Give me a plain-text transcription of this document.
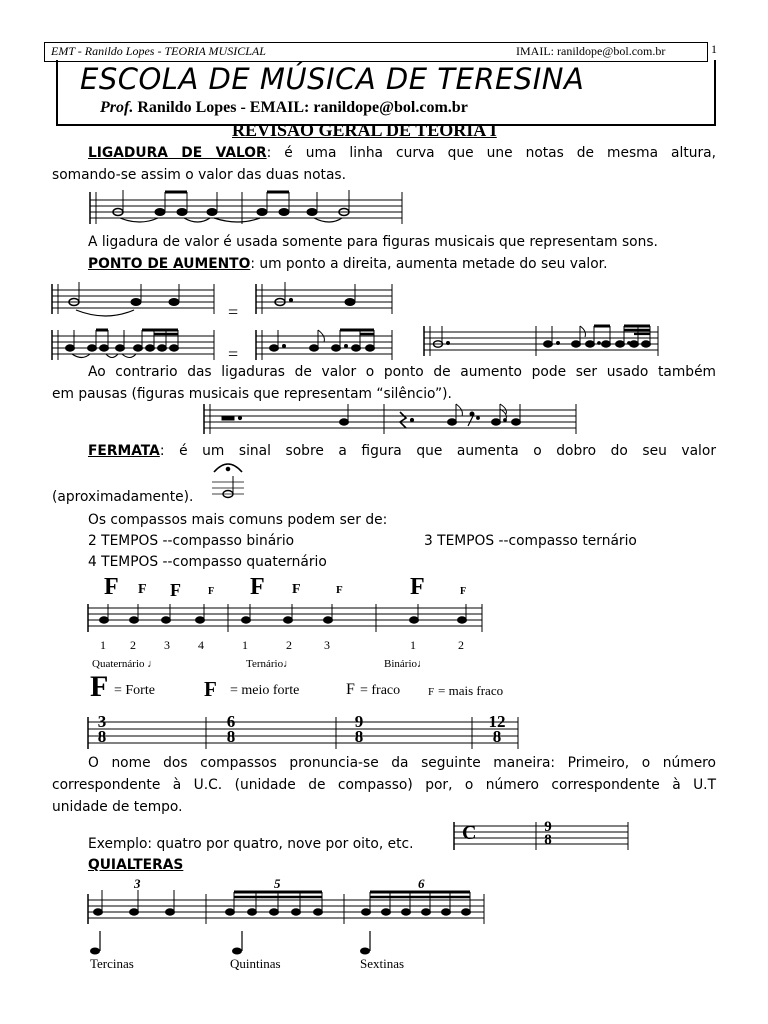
EMT - Ranildo Lopes - TEORIA MUSICLAL	IMAIL: ranildope@bol.com.br	1
ESCOLA DE MÚSICA DE TERESINA
Prof. Ranildo Lopes - EMAIL: ranildope@bol.com.br
REVISAO GERAL DE TEORIA I
LIGADURA DE VALOR: é uma linha curva que une notas de mesma altura,
somando-se assim o valor das duas notas.
A ligadura de valor é usada somente para figuras musicais que representam sons.
PONTO DE AUMENTO: um ponto a direita, aumenta metade do seu valor.
=
=
Ao contrario das ligaduras de valor o ponto de aumento pode ser usado também
em pausas (figuras musicais que representam “silêncio”).
FERMATA: é um sinal sobre a figura que aumenta o dobro do seu valor
(aproximadamente).
Os compassos mais comuns podem ser de:
2 TEMPOS --compasso binário	3 TEMPOS --compasso ternário
4 TEMPOS --compasso quaternário
F F F	F F F	F	F	F
1 2 3 4	1	2	3	1	2
Quaternário ♩	Ternário♩	Binário♩
F = Forte F = meio forte	F = fraco	F = mais fraco
3
8
6
8
9
8
12
8
O nome dos compassos pronuncia-se da seguinte maneira: Primeiro, o número
correspondente à U.C. (unidade de compasso) por, o número correspondente à U.T
unidade de tempo.
Exemplo: quatro por quatro, nove por oito, etc. C	9
8
QUIALTERAS
3	5	6
Tercinas	Quintinas	Sextinas
